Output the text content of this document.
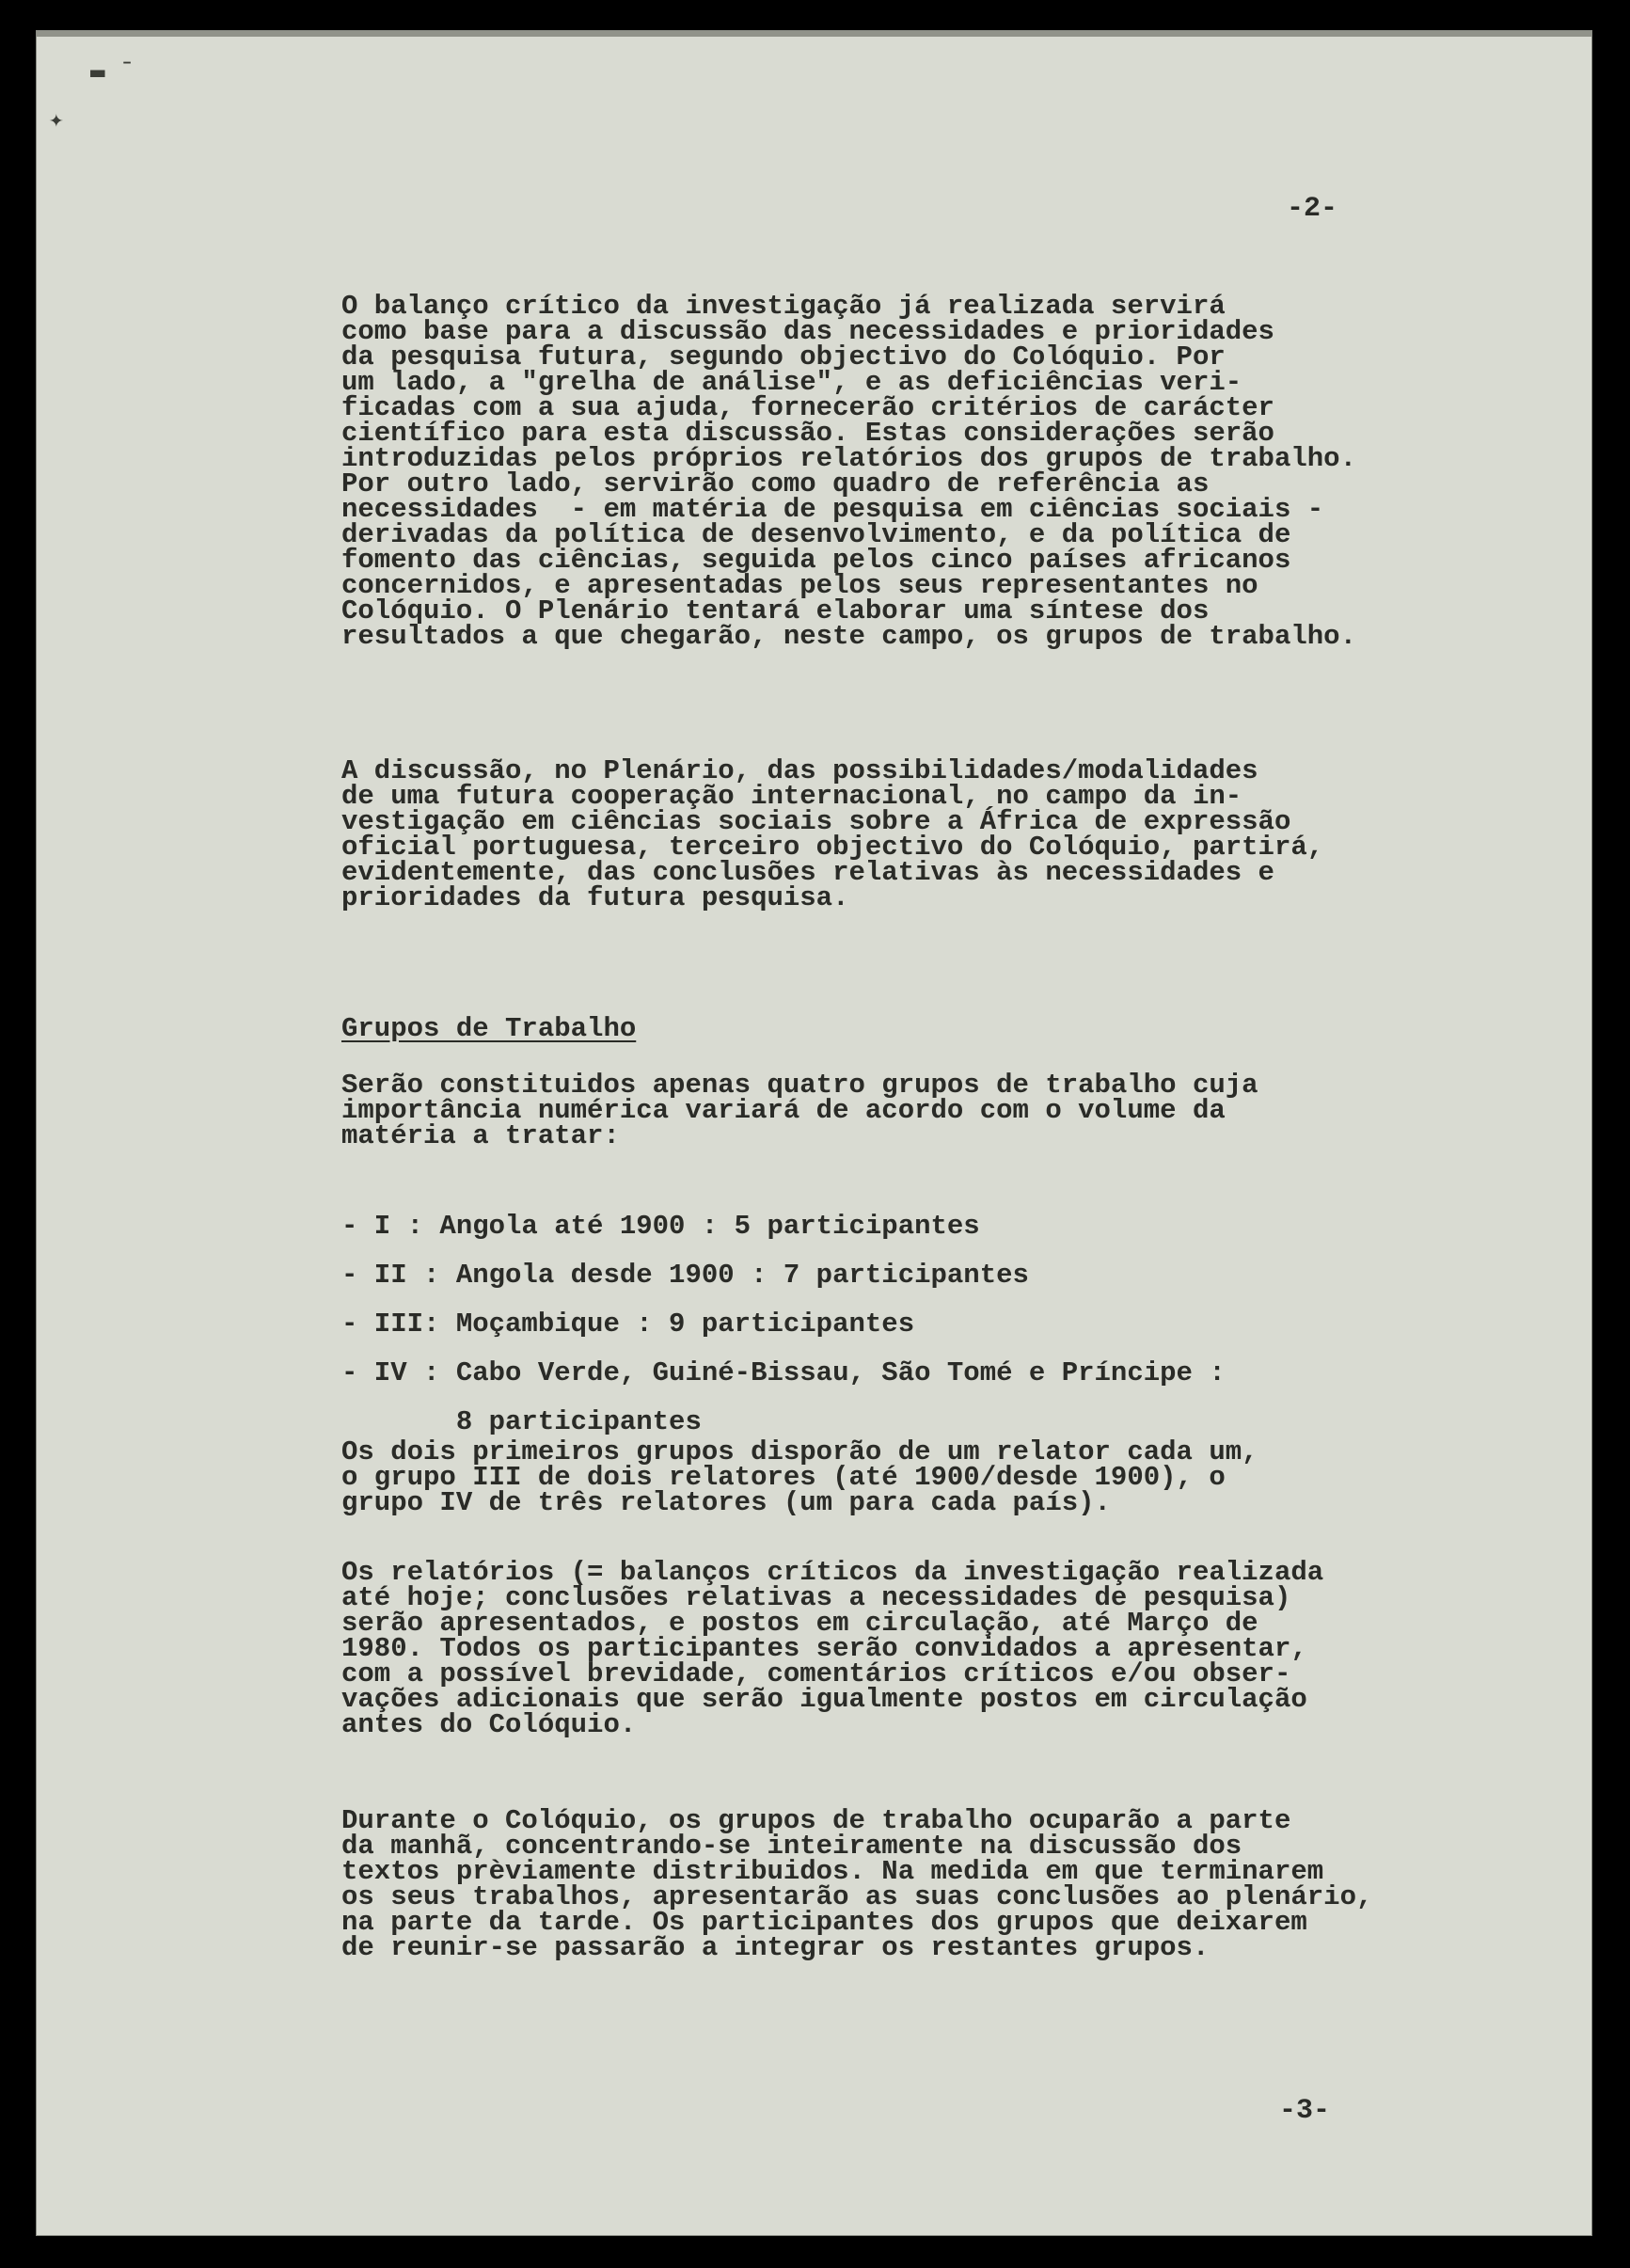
▬ ˉ
✦
-2-
O balanço crítico da investigação já realizada servirá
como base para a discussão das necessidades e prioridades
da pesquisa futura, segundo objectivo do Colóquio. Por
um lado, a "grelha de análise", e as deficiências veri-
ficadas com a sua ajuda, fornecerão critérios de carácter
científico para esta discussão. Estas considerações serão
introduzidas pelos próprios relatórios dos grupos de trabalho.
Por outro lado, servirão como quadro de referência as
necessidades  - em matéria de pesquisa em ciências sociais -
derivadas da política de desenvolvimento, e da política de
fomento das ciências, seguida pelos cinco países africanos
concernidos, e apresentadas pelos seus representantes no
Colóquio. O Plenário tentará elaborar uma síntese dos
resultados a que chegarão, neste campo, os grupos de trabalho.
A discussão, no Plenário, das possibilidades/modalidades
de uma futura cooperação internacional, no campo da in-
vestigação em ciências sociais sobre a África de expressão
oficial portuguesa, terceiro objectivo do Colóquio, partirá,
evidentemente, das conclusões relativas às necessidades e
prioridades da futura pesquisa.
Grupos de Trabalho
Serão constituidos apenas quatro grupos de trabalho cuja
importância numérica variará de acordo com o volume da
matéria a tratar:
- I : Angola até 1900 : 5 participantes
- II : Angola desde 1900 : 7 participantes
- III: Moçambique : 9 participantes
- IV : Cabo Verde, Guiné-Bissau, São Tomé e Príncipe :
8 participantes
Os dois primeiros grupos disporão de um relator cada um,
o grupo III de dois relatores (até 1900/desde 1900), o
grupo IV de três relatores (um para cada país).
Os relatórios (= balanços críticos da investigação realizada
até hoje; conclusões relativas a necessidades de pesquisa)
serão apresentados, e postos em circulação, até Março de
1980. Todos os participantes serão convidados a apresentar,
com a possível brevidade, comentários críticos e/ou obser-
vações adicionais que serão igualmente postos em circulação
antes do Colóquio.
Durante o Colóquio, os grupos de trabalho ocuparão a parte
da manhã, concentrando-se inteiramente na discussão dos
textos prèviamente distribuidos. Na medida em que terminarem
os seus trabalhos, apresentarão as suas conclusões ao plenário,
na parte da tarde. Os participantes dos grupos que deixarem
de reunir-se passarão a integrar os restantes grupos.
-3-
